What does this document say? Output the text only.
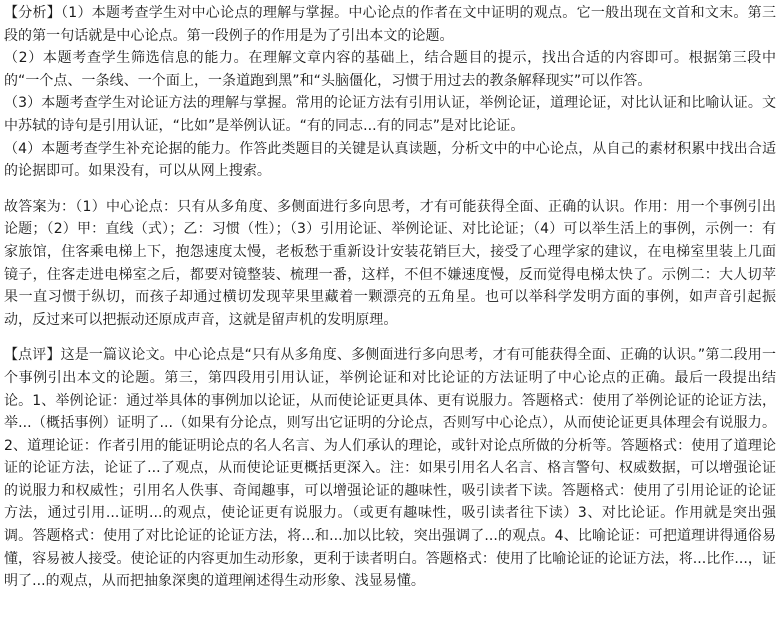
【分析】（1）本题考查学生对中心论点的理解与掌握。中心论点的作者在文中证明的观点。它一般出现在文首和文末。第三段的第一句话就是中心论点。第一段例子的作用是为了引出本文的论题。

（2）本题考查学生筛选信息的能力。在理解文章内容的基础上，结合题目的提示，找出合适的内容即可。根据第三段中的“一个点、一条线、一个面上，一条道跑到黑”和“头脑僵化，习惯于用过去的教条解释现实”可以作答。

（3）本题考查学生对论证方法的理解与掌握。常用的论证方法有引用认证，举例论证，道理论证，对比认证和比喻认证。文中苏轼的诗句是引用认证，“比如”是举例认证。“有的同志...有的同志”是对比论证。

（4）本题考查学生补充论据的能力。作答此类题目的关键是认真读题，分析文中的中心论点，从自己的素材积累中找出合适的论据即可。如果没有，可以从网上搜索。

故答案为：（1）中心论点：只有从多角度、多侧面进行多向思考，才有可能获得全面、正确的认识。作用：用一个事例引出论题；（2）甲：直线（式）；乙：习惯（性）；（3）引用论证、举例论证、对比论证；（4）可以举生活上的事例，示例一：有家旅馆，住客乘电梯上下，抱怨速度太慢，老板愁于重新设计安装花销巨大，接受了心理学家的建议，在电梯室里装上几面镜子，住客走进电梯室之后，都要对镜整装、梳理一番，这样，不但不嫌速度慢，反而觉得电梯太快了。示例二：大人切苹果一直习惯于纵切，而孩子却通过横切发现苹果里藏着一颗漂亮的五角星。也可以举科学发明方面的事例，如声音引起振动，反过来可以把振动还原成声音，这就是留声机的发明原理。

【点评】这是一篇议论文。中心论点是“只有从多角度、多侧面进行多向思考，才有可能获得全面、正确的认识。”第二段用一个事例引出本文的论题。第三，第四段用引用认证，举例论证和对比论证的方法证明了中心论点的正确。最后一段提出结论。1、举例论证：通过举具体的事例加以论证，从而使论证更具体、更有说服力。答题格式：使用了举例论证的论证方法，举...（概括事例）证明了...（如果有分论点，则写出它证明的分论点，否则写中心论点），从而使论证更具体理会有说服力。2、道理论证：作者引用的能证明论点的名人名言、为人们承认的理论，或针对论点所做的分析等。答题格式：使用了道理论证的论证方法，论证了...了观点，从而使论证更概括更深入。注：如果引用名人名言、格言警句、权威数据，可以增强论证的说服力和权威性；引用名人佚事、奇闻趣事，可以增强论证的趣味性，吸引读者下读。答题格式：使用了引用论证的论证方法，通过引用...证明...的观点，使论证更有说服力。（或更有趣味性，吸引读者往下读）3、对比论证。作用就是突出强调。答题格式：使用了对比论证的论证方法，将...和...加以比较，突出强调了...的观点。4、比喻论证：可把道理讲得通俗易懂，容易被人接受。使论证的内容更加生动形象，更利于读者明白。答题格式：使用了比喻论证的论证方法，将...比作...，证明了...的观点，从而把抽象深奥的道理阐述得生动形象、浅显易懂。
